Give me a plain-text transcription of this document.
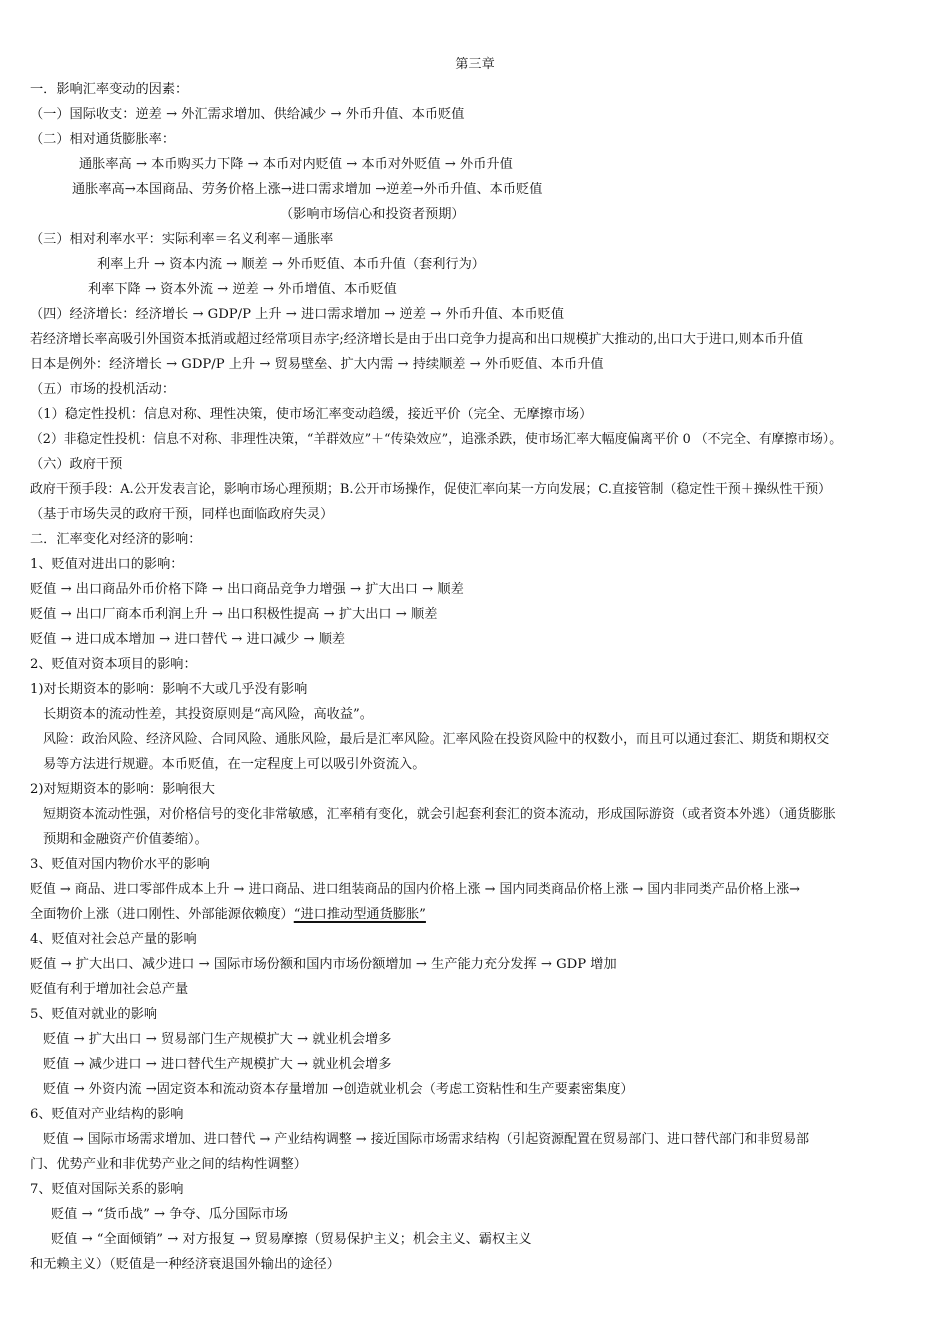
第三章
一．影响汇率变动的因素：
（一）国际收支：逆差 → 外汇需求增加、供给减少 → 外币升值、本币贬值
（二）相对通货膨胀率：
通胀率高 → 本币购买力下降 → 本币对内贬值 → 本币对外贬值 → 外币升值
通胀率高→本国商品、劳务价格上涨→进口需求增加 →逆差→外币升值、本币贬值
（影响市场信心和投资者预期）
（三）相对利率水平：实际利率＝名义利率－通胀率
利率上升 → 资本内流 → 顺差 → 外币贬值、本币升值（套利行为）
利率下降 → 资本外流 → 逆差 → 外币增值、本币贬值
（四）经济增长：经济增长 → GDP/P 上升 → 进口需求增加 → 逆差 → 外币升值、本币贬值
若经济增长率高吸引外国资本抵消或超过经常项目赤字;经济增长是由于出口竞争力提高和出口规模扩大推动的,出口大于进口,则本币升值
日本是例外：经济增长 → GDP/P 上升 → 贸易壁垒、扩大内需 → 持续顺差 → 外币贬值、本币升值
（五）市场的投机活动：
（1）稳定性投机：信息对称、理性决策，使市场汇率变动趋缓，接近平价（完全、无摩擦市场）
（2）非稳定性投机：信息不对称、非理性决策，“羊群效应”＋“传染效应”，追涨杀跌，使市场汇率大幅度偏离平价 0 （不完全、有摩擦市场）。
（六）政府干预
政府干预手段：A.公开发表言论，影响市场心理预期；B.公开市场操作，促使汇率向某一方向发展；C.直接管制（稳定性干预＋操纵性干预）
（基于市场失灵的政府干预，同样也面临政府失灵）
二．汇率变化对经济的影响：
1、贬值对进出口的影响：
贬值 → 出口商品外币价格下降 → 出口商品竞争力增强 → 扩大出口 → 顺差
贬值 → 出口厂商本币利润上升 → 出口积极性提高 → 扩大出口 → 顺差
贬值 → 进口成本增加 → 进口替代 → 进口减少 → 顺差
2、贬值对资本项目的影响：
1)对长期资本的影响：影响不大或几乎没有影响
长期资本的流动性差，其投资原则是“高风险，高收益”。
风险：政治风险、经济风险、合同风险、通胀风险，最后是汇率风险。汇率风险在投资风险中的权数小，而且可以通过套汇、期货和期权交
易等方法进行规避。本币贬值，在一定程度上可以吸引外资流入。
2)对短期资本的影响：影响很大
短期资本流动性强，对价格信号的变化非常敏感，汇率稍有变化，就会引起套利套汇的资本流动，形成国际游资（或者资本外逃）（通货膨胀
预期和金融资产价值萎缩）。
3、贬值对国内物价水平的影响
贬值 → 商品、进口零部件成本上升 → 进口商品、进口组装商品的国内价格上涨 → 国内同类商品价格上涨 → 国内非同类产品价格上涨→
全面物价上涨（进口刚性、外部能源依赖度）“进口推动型通货膨胀”
4、贬值对社会总产量的影响
贬值 → 扩大出口、减少进口 → 国际市场份额和国内市场份额增加 → 生产能力充分发挥 → GDP 增加
贬值有利于增加社会总产量
5、贬值对就业的影响
贬值 → 扩大出口 → 贸易部门生产规模扩大 → 就业机会增多
贬值 → 减少进口 → 进口替代生产规模扩大 → 就业机会增多
贬值 → 外资内流 →固定资本和流动资本存量增加 →创造就业机会（考虑工资粘性和生产要素密集度）
6、贬值对产业结构的影响
贬值 → 国际市场需求增加、进口替代 → 产业结构调整 → 接近国际市场需求结构（引起资源配置在贸易部门、进口替代部门和非贸易部
门、优势产业和非优势产业之间的结构性调整）
7、贬值对国际关系的影响
贬值 → “货币战” → 争夺、瓜分国际市场
贬值 → “全面倾销” → 对方报复 → 贸易摩擦（贸易保护主义；机会主义、霸权主义
和无赖主义）（贬值是一种经济衰退国外输出的途径）
